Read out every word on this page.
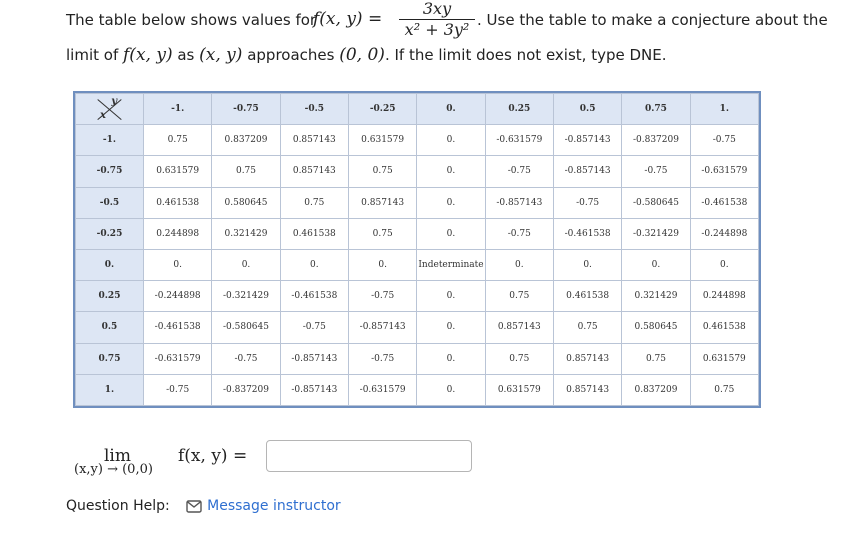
The table below shows values for
f(x, y) =
3xy
x² + 3y² . Use the table to make a conjecture about the
limit of f(x, y) as (x, y) approaches (0, 0). If the limit does not exist, type DNE.
y
x	-1.	-0.75	-0.5	-0.25	0.	0.25	0.5	0.75	1.
-1.	0.75	0.837209	0.857143	0.631579	0.	-0.631579	-0.857143	-0.837209	-0.75
-0.75	0.631579	0.75	0.857143	0.75	0.	-0.75	-0.857143	-0.75	-0.631579
-0.5	0.461538	0.580645	0.75	0.857143	0.	-0.857143	-0.75	-0.580645	-0.461538
-0.25	0.244898	0.321429	0.461538	0.75	0.	-0.75	-0.461538	-0.321429	-0.244898
0.	0.	0.	0.	0.	Indeterminate	0.	0.	0.	0.
0.25	-0.244898	-0.321429	-0.461538	-0.75	0.	0.75	0.461538	0.321429	0.244898
0.5	-0.461538	-0.580645	-0.75	-0.857143	0.	0.857143	0.75	0.580645	0.461538
0.75	-0.631579	-0.75	-0.857143	-0.75	0.	0.75	0.857143	0.75	0.631579
1.	-0.75	-0.837209	-0.857143	-0.631579	0.	0.631579	0.857143	0.837209	0.75
lim
(x,y) → (0,0)
f(x, y) =
Question Help:	Message instructor
